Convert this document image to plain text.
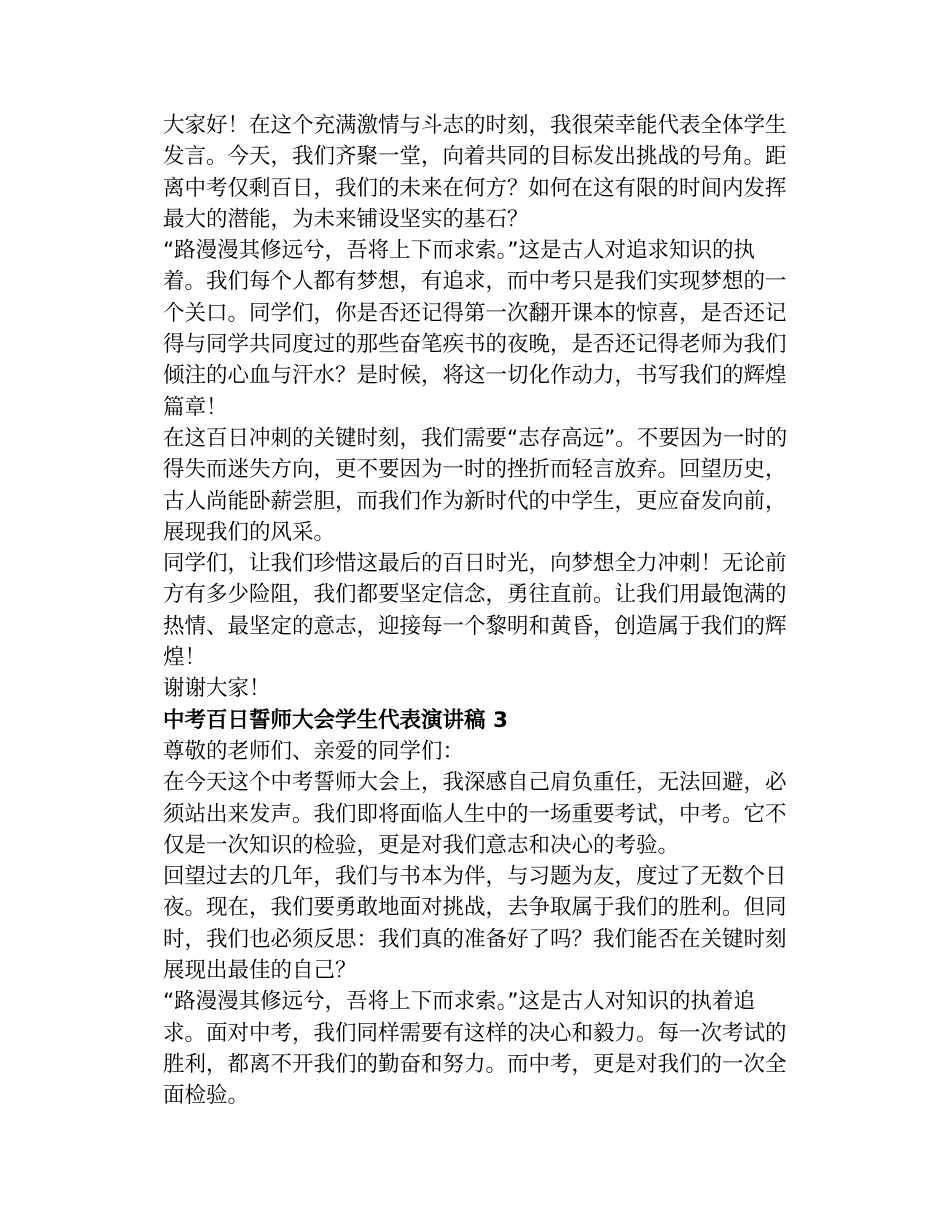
大家好！在这个充满激情与斗志的时刻，我很荣幸能代表全体学生发言。今天，我们齐聚一堂，向着共同的目标发出挑战的号角。距离中考仅剩百日，我们的未来在何方？如何在这有限的时间内发挥最大的潜能，为未来铺设坚实的基石？

“路漫漫其修远兮，吾将上下而求索。”这是古人对追求知识的执着。我们每个人都有梦想，有追求，而中考只是我们实现梦想的一个关口。同学们，你是否还记得第一次翻开课本的惊喜，是否还记得与同学共同度过的那些奋笔疾书的夜晚，是否还记得老师为我们倾注的心血与汗水？是时候，将这一切化作动力，书写我们的辉煌篇章！

在这百日冲刺的关键时刻，我们需要“志存高远”。不要因为一时的得失而迷失方向，更不要因为一时的挫折而轻言放弃。回望历史，古人尚能卧薪尝胆，而我们作为新时代的中学生，更应奋发向前，展现我们的风采。

同学们，让我们珍惜这最后的百日时光，向梦想全力冲刺！无论前方有多少险阻，我们都要坚定信念，勇往直前。让我们用最饱满的热情、最坚定的意志，迎接每一个黎明和黄昏，创造属于我们的辉煌！

谢谢大家！

中考百日誓师大会学生代表演讲稿 3

尊敬的老师们、亲爱的同学们：

在今天这个中考誓师大会上，我深感自己肩负重任，无法回避，必须站出来发声。我们即将面临人生中的一场重要考试，中考。它不仅是一次知识的检验，更是对我们意志和决心的考验。

回望过去的几年，我们与书本为伴，与习题为友，度过了无数个日夜。现在，我们要勇敢地面对挑战，去争取属于我们的胜利。但同时，我们也必须反思：我们真的准备好了吗？我们能否在关键时刻展现出最佳的自己？

“路漫漫其修远兮，吾将上下而求索。”这是古人对知识的执着追求。面对中考，我们同样需要有这样的决心和毅力。每一次考试的胜利，都离不开我们的勤奋和努力。而中考，更是对我们的一次全面检验。
